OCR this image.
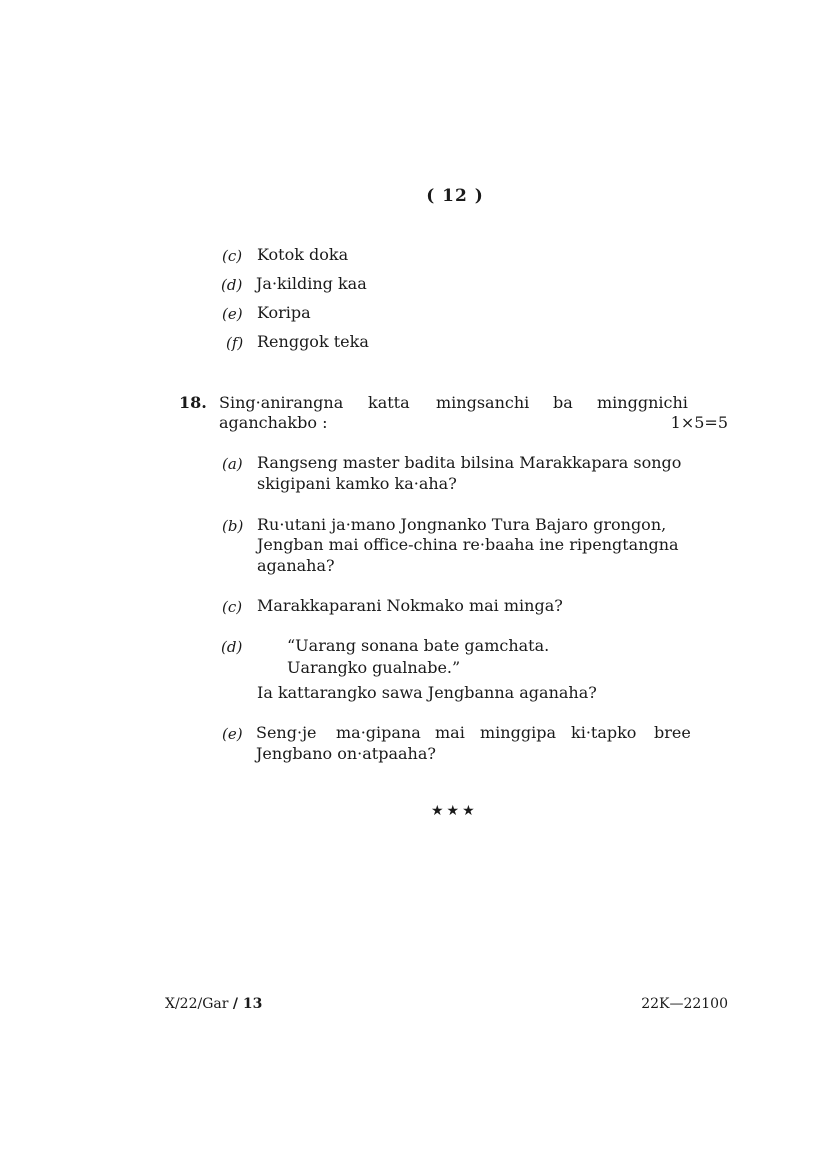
( 12 )
(c) Kotok doka
(d) Ja·kilding kaa
(e) Koripa
(f) Renggok teka
18. Sing·anirangna katta mingsanchi ba minggnichi
aganchakbo :	1×5=5
(a) Rangseng master badita bilsina Marakkapara songo
skigipani kamko ka·aha?
(b) Ru·utani ja·mano Jongnanko Tura Bajaro grongon,
Jengban mai office-china re·baaha ine ripengtangna
aganaha?
(c) Marakkaparani Nokmako mai minga?
(d)	“Uarang sonana bate gamchata.
Uarangko gualnabe.”
Ia kattarangko sawa Jengbanna aganaha?
(e) Seng·je ma·gipana mai minggipa ki·tapko bree
Jengbano on·atpaaha?
★★★
X/22/Gar / 13	22K—22100
